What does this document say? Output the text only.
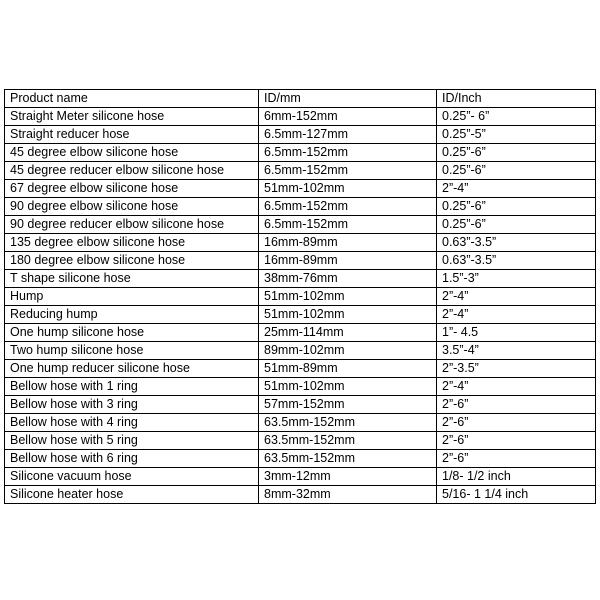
Product name	ID/mm	ID/Inch
Straight Meter silicone hose	6mm-152mm	0.25”- 6”
Straight reducer hose	6.5mm-127mm	0.25”-5”
45 degree elbow silicone hose	6.5mm-152mm	0.25”-6”
45 degree reducer elbow silicone hose	6.5mm-152mm	0.25”-6”
67 degree elbow silicone hose	51mm-102mm	2”-4”
90 degree elbow silicone hose	6.5mm-152mm	0.25”-6”
90 degree reducer elbow silicone hose	6.5mm-152mm	0.25”-6”
135 degree elbow silicone hose	16mm-89mm	0.63”-3.5”
180 degree elbow silicone hose	16mm-89mm	0.63”-3.5”
T shape silicone hose	38mm-76mm	1.5”-3”
Hump	51mm-102mm	2”-4”
Reducing hump	51mm-102mm	2”-4”
One hump silicone hose	25mm-114mm	1”- 4.5
Two hump silicone hose	89mm-102mm	3.5”-4”
One hump reducer silicone hose	51mm-89mm	2”-3.5”
Bellow hose with 1 ring	51mm-102mm	2”-4”
Bellow hose with 3 ring	57mm-152mm	2”-6”
Bellow hose with 4 ring	63.5mm-152mm	2”-6”
Bellow hose with 5 ring	63.5mm-152mm	2”-6”
Bellow hose with 6 ring	63.5mm-152mm	2”-6”
Silicone vacuum hose	3mm-12mm	1/8- 1/2 inch
Silicone heater hose	8mm-32mm	5/16- 1 1/4 inch
